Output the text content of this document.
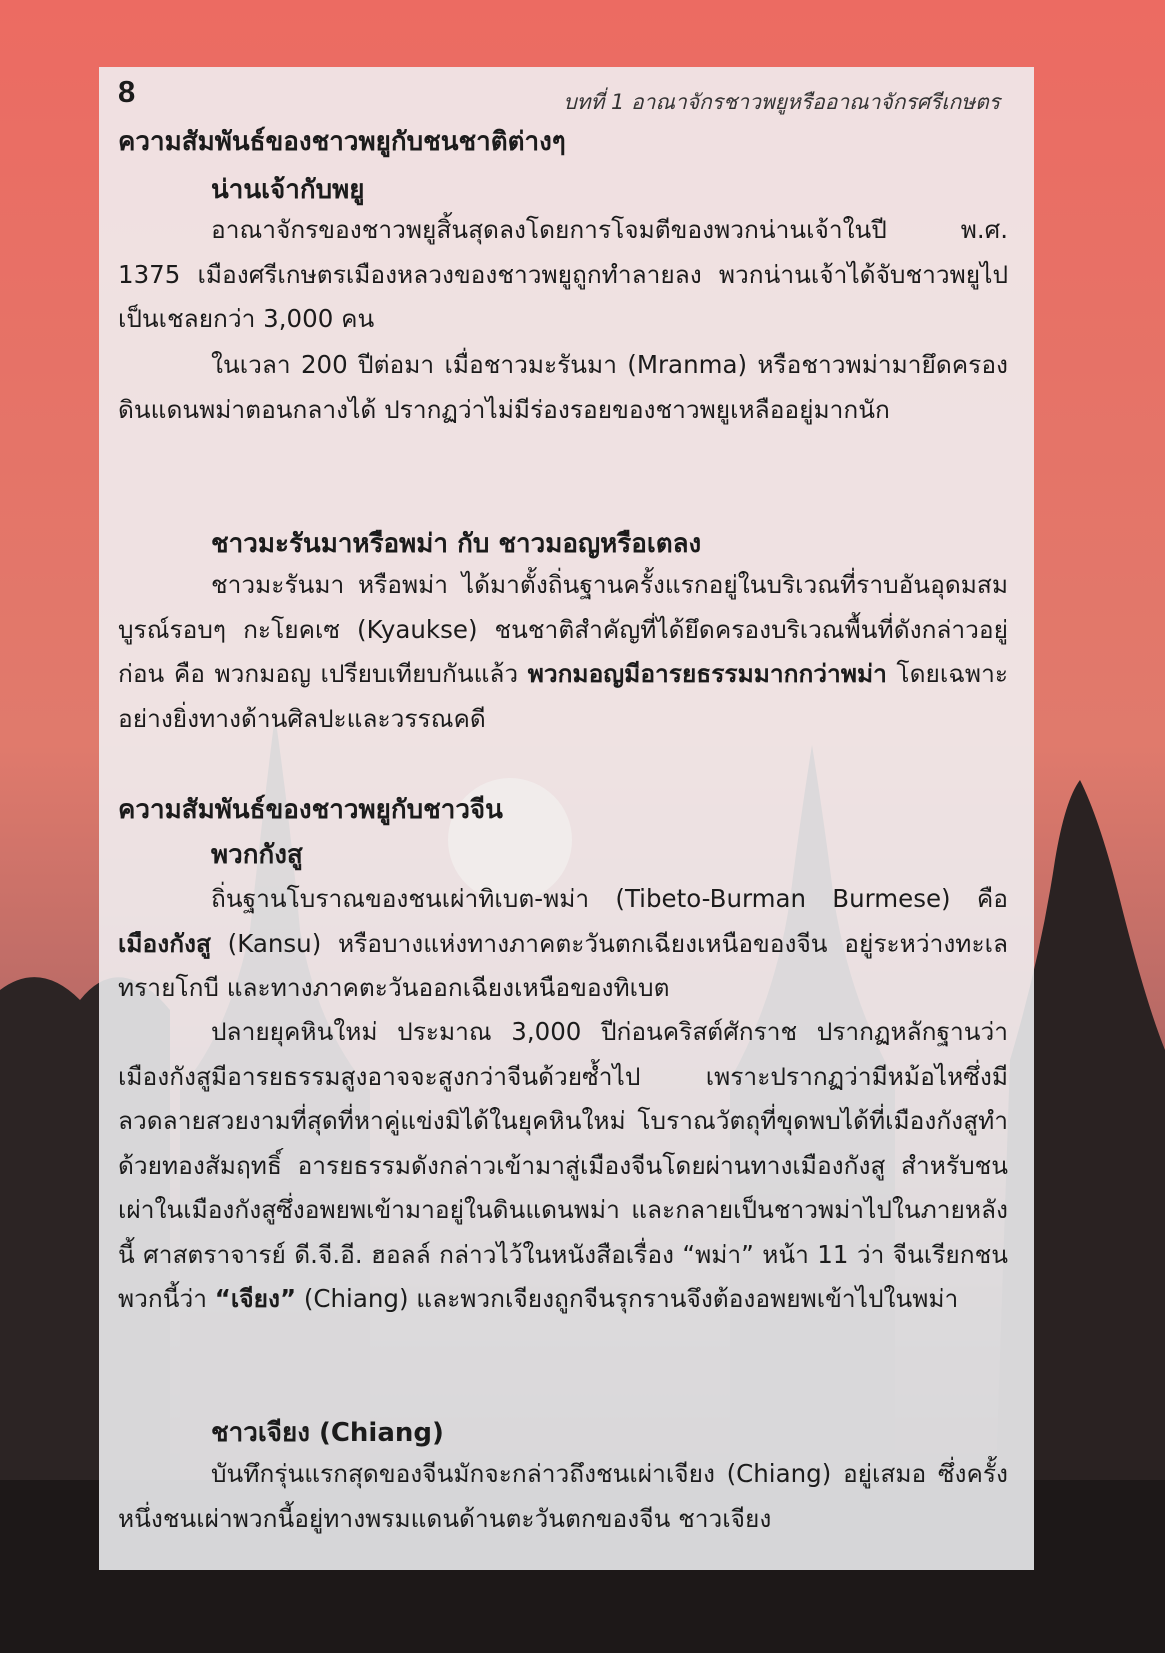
8	บทที่ 1 อาณาจักรชาวพยูหรืออาณาจักรศรีเกษตร
ความสัมพันธ์ของชาวพยูกับชนชาติต่างๆ
น่านเจ้ากับพยู

อาณาจักรของชาวพยูสิ้นสุดลงโดยการโจมตีของพวกน่านเจ้าในปี พ.ศ. 1375 เมืองศรีเกษตรเมืองหลวงของชาวพยูถูกทำลายลง พวกน่านเจ้าได้จับชาวพยูไปเป็นเชลยกว่า 3,000 คน

ในเวลา 200 ปีต่อมา เมื่อชาวมะรันมา (Mranma) หรือชาวพม่ามายึดครองดินแดนพม่าตอนกลางได้ ปรากฏว่าไม่มีร่องรอยของชาวพยูเหลืออยู่มากนัก

ชาวมะรันมาหรือพม่า กับ ชาวมอญหรือเตลง

ชาวมะรันมา หรือพม่า ได้มาตั้งถิ่นฐานครั้งแรกอยู่ในบริเวณที่ราบอันอุดมสมบูรณ์รอบๆ กะโยคเซ (Kyaukse) ชนชาติสำคัญที่ได้ยึดครองบริเวณพื้นที่ดังกล่าวอยู่ก่อน คือ พวกมอญ เปรียบเทียบกันแล้ว พวกมอญมีอารยธรรมมากกว่าพม่า โดยเฉพาะอย่างยิ่งทางด้านศิลปะและวรรณคดี

ความสัมพันธ์ของชาวพยูกับชาวจีน
พวกกังสู

ถิ่นฐานโบราณของชนเผ่าทิเบต-พม่า (Tibeto-Burman Burmese) คือ เมืองกังสู (Kansu) หรือบางแห่งทางภาคตะวันตกเฉียงเหนือของจีน อยู่ระหว่างทะเลทรายโกบี และทางภาคตะวันออกเฉียงเหนือของทิเบต

ปลายยุคหินใหม่ ประมาณ 3,000 ปีก่อนคริสต์ศักราช ปรากฏหลักฐานว่า เมืองกังสูมีอารยธรรมสูงอาจจะสูงกว่าจีนด้วยซ้ำไป เพราะปรากฏว่ามีหม้อไหซึ่งมีลวดลายสวยงามที่สุดที่หาคู่แข่งมิได้ในยุคหินใหม่ โบราณวัตถุที่ขุดพบได้ที่เมืองกังสูทำด้วยทองสัมฤทธิ์ อารยธรรมดังกล่าวเข้ามาสู่เมืองจีนโดยผ่านทางเมืองกังสู สำหรับชนเผ่าในเมืองกังสูซึ่งอพยพเข้ามาอยู่ในดินแดนพม่า และกลายเป็นชาวพม่าไปในภายหลังนี้ ศาสตราจารย์ ดี.จี.อี. ฮอลล์ กล่าวไว้ในหนังสือเรื่อง “พม่า” หน้า 11 ว่า จีนเรียกชนพวกนี้ว่า “เจียง” (Chiang) และพวกเจียงถูกจีนรุกรานจึงต้องอพยพเข้าไปในพม่า

ชาวเจียง (Chiang)

บันทึกรุ่นแรกสุดของจีนมักจะกล่าวถึงชนเผ่าเจียง (Chiang) อยู่เสมอ ซึ่งครั้งหนึ่งชนเผ่าพวกนี้อยู่ทางพรมแดนด้านตะวันตกของจีน ชาวเจียง
